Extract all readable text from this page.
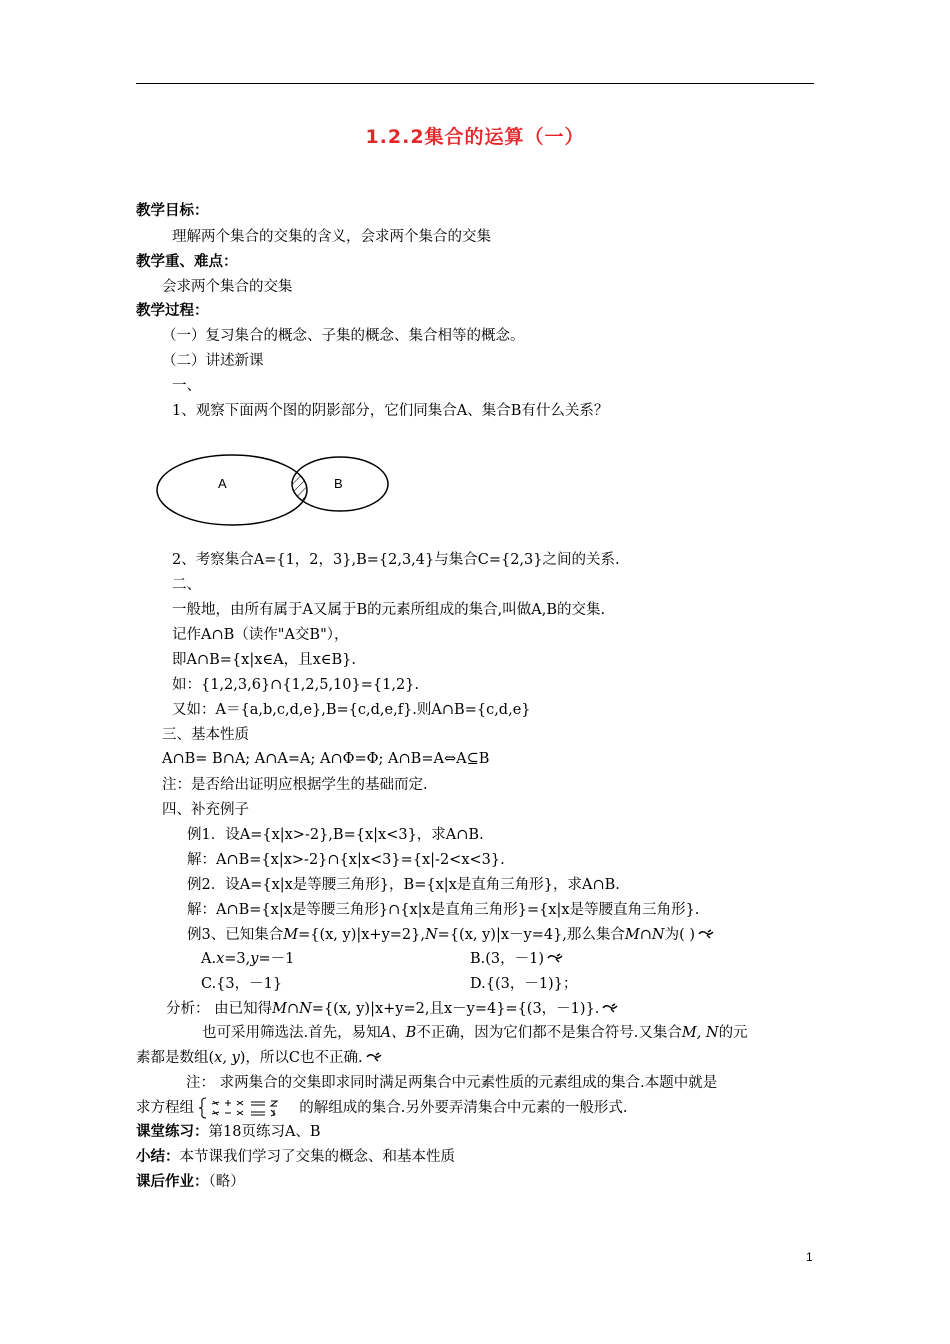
1.2.2集合的运算（一）
教学目标：
理解两个集合的交集的含义，会求两个集合的交集
教学重、难点：
会求两个集合的交集
教学过程：
（一）复习集合的概念、子集的概念、集合相等的概念。
（二）讲述新课
一、
1、观察下面两个图的阴影部分，它们同集合A、集合B有什么关系？
A	B
2、考察集合A={1，2，3},B={2,3,4}与集合C={2,3}之间的关系.
二、
一般地，由所有属于A又属于B的元素所组成的集合,叫做A,B的交集.
记作A∩B（读作"A交B"），
即A∩B={x|x∈A，且x∈B}.
如：{1,2,3,6}∩{1,2,5,10}={1,2}.
又如：A＝{a,b,c,d,e},B={c,d,e,f}.则A∩B={c,d,e}
三、基本性质
A∩B= B∩A; A∩A=A; A∩Φ=Φ; A∩B=A⇔A⊆B
注：是否给出证明应根据学生的基础而定.
四、补充例子
例1．设A={x|x>-2},B={x|x<3}，求A∩B.
解：A∩B={x|x>-2}∩{x|x<3}={x|-2<x<3}.
例2．设A={x|x是等腰三角形}，B={x|x是直角三角形}，求A∩B.
解：A∩B={x|x是等腰三角形}∩{x|x是直角三角形}={x|x是等腰直角三角形}.
例3、已知集合M={(x, y)|x+y=2},N={(x, y)|x－y=4},那么集合M∩N为( )
A.x=3,y=－1	B.(3，－1)
C.{3，－1}	D.{(3，－1)}；
分析： 由已知得M∩N={(x, y)|x+y=2,且x－y=4}={(3，－1)}.
也可采用筛选法.首先，易知A、B不正确，因为它们都不是集合符号.又集合M, N的元
素都是数组(x, y)，所以C也不正确.
注： 求两集合的交集即求同时满足两集合中元素性质的元素组成的集合.本题中就是
求方程组	的解组成的集合.另外要弄清集合中元素的一般形式.
课堂练习：第18页练习A、B
小结：本节课我们学习了交集的概念、和基本性质
课后作业：（略）
1
